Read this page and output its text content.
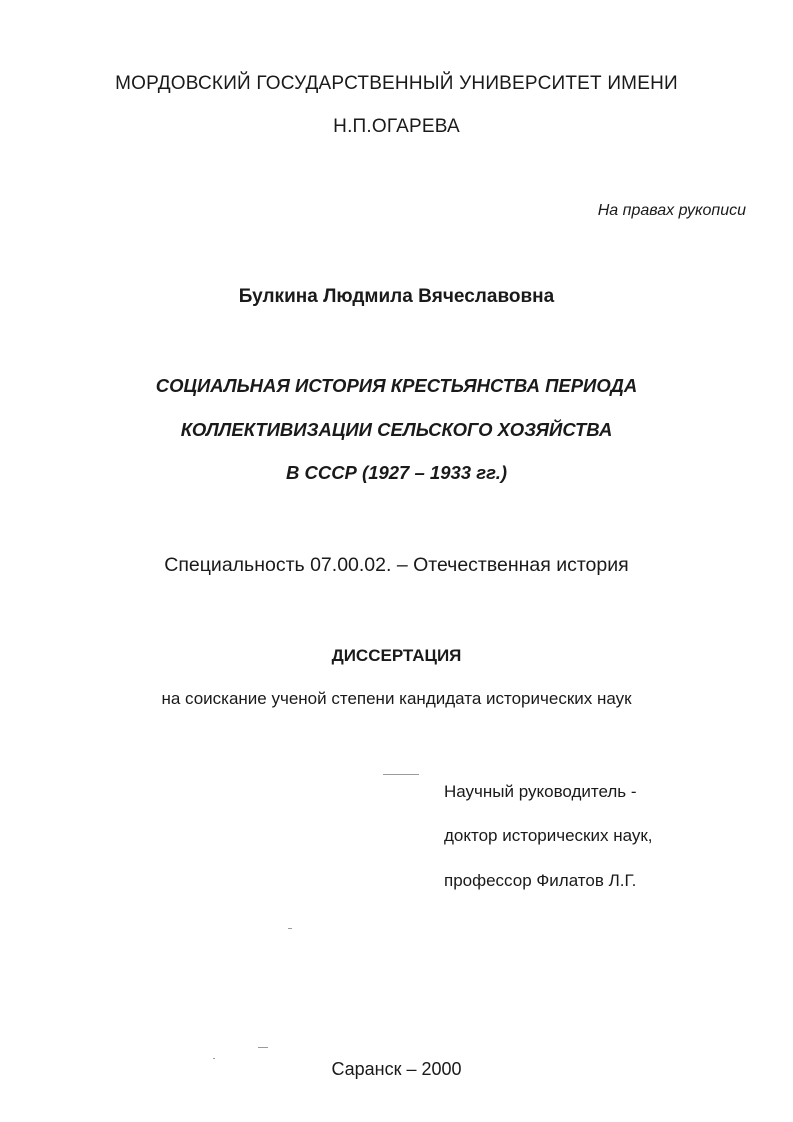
МОРДОВСКИЙ ГОСУДАРСТВЕННЫЙ УНИВЕРСИТЕТ ИМЕНИ
Н.П.ОГАРЕВА
На правах рукописи
Булкина Людмила Вячеславовна
СОЦИАЛЬНАЯ ИСТОРИЯ КРЕСТЬЯНСТВА ПЕРИОДА
КОЛЛЕКТИВИЗАЦИИ СЕЛЬСКОГО ХОЗЯЙСТВА
В СССР (1927 – 1933 гг.)
Специальность 07.00.02. – Отечественная история
ДИССЕРТАЦИЯ
на соискание ученой степени кандидата исторических наук
Научный руководитель -
доктор исторических наук,
профессор Филатов Л.Г.
Саранск – 2000
